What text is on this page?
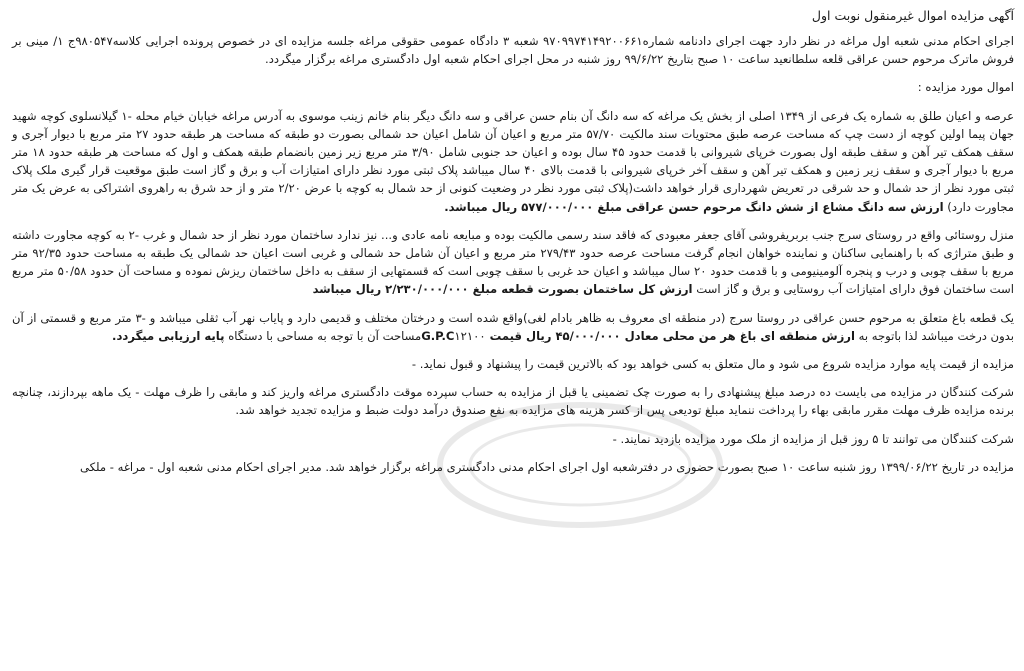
آگهی مزایده اموال غیرمنقول نوبت اول

اجرای احکام مدنی شعبه اول مراغه در نظر دارد جهت اجرای دادنامه شماره۹۷۰۹۹۷۴۱۴۹۲۰۰۶۶۱ شعبه ۳ دادگاه عمومی حقوقی مراغه جلسه مزایده ای در خصوص پرونده اجرایی کلاسه۹۸۰۵۴۷ج ۱/ مینی بر فروش ماترک مرحوم حسن عراقی قلعه سلطانعید ساعت ۱۰ صبح بتاریخ ۹۹/۶/۲۲ روز شنبه در محل اجرای احکام شعبه اول دادگستری مراغه برگزار میگردد.

اموال مورد مزایده :

عرصه و اعیان طلق به شماره یک فرعی از ۱۳۴۹ اصلی از بخش یک مراغه که سه دانگ آن بنام حسن عراقی و سه دانگ دیگر بنام خانم زینب موسوی به آدرس مراغه خیابان خیام محله -۱ گیلانسلوی کوچه شهید جهان پیما اولین کوچه از دست چپ که مساحت عرصه طبق محتویات سند مالکیت ۵۷/۷۰ متر مربع و اعیان آن شامل اعیان حد شمالی بصورت دو طبقه که مساحت هر طبقه حدود ۲۷ متر مربع با دیوار آجری و سقف همکف تیر آهن و سقف طبقه اول بصورت خرپای شیروانی با قدمت حدود ۴۵ سال بوده و اعیان حد جنوبی شامل ۳/۹۰ متر مربع زیر زمین بانضمام طبقه همکف و اول که مساحت هر طبقه حدود ۱۸ متر مربع با دیوار آجری و سقف زیر زمین و همکف تیر آهن و سقف آخر خرپای شیروانی با قدمت بالای ۴۰ سال میباشد پلاک ثبتی مورد نظر دارای امتیازات آب و برق و گاز است طبق موقعیت قرار گیری ملک پلاک ثبتی مورد نظر از حد شمال و حد شرقی در تعریض شهرداری قرار خواهد داشت(پلاک ثبتی مورد نظر در وضعیت کنونی از حد شمال به کوچه با عرض ۲/۲۰ متر و از حد شرق به راهروی اشتراکی به عرض یک متر مجاورت دارد) ارزش سه دانگ مشاع از شش دانگ مرحوم حسن عراقی مبلغ ۵۷۷/۰۰۰/۰۰۰ ریال میباشد.

منزل روستائی واقع در روستای سرج جنب بربریفروشی آقای جعفر معبودی که فاقد سند رسمی مالکیت بوده و مبایعه نامه عادی و... نیز ندارد ساختمان مورد نظر از حد شمال و غرب -۲ به کوچه مجاورت داشته و طبق متراژی که با راهنمایی ساکنان و نماینده خواهان انجام گرفت مساحت عرصه حدود ۲۷۹/۴۳ متر مربع و اعیان آن شامل حد شمالی و غربی است اعیان حد شمالی یک طبقه به مساحت حدود ۹۲/۳۵ متر مربع با سقف چوبی و درب و پنجره آلومینیومی و با قدمت حدود ۲۰ سال میباشد و اعیان حد غربی با سقف چوبی است که قسمتهایی از سقف به داخل ساختمان ریزش نموده و مساحت آن حدود ۵۰/۵۸ متر مربع است ساختمان فوق دارای امتیازات آب روستایی و برق و گاز است ارزش کل ساختمان بصورت قطعه مبلغ ۲/۲۳۰/۰۰۰/۰۰۰ ریال میباشد

یک قطعه باغ متعلق به مرحوم حسن عراقی در روستا سرج (در منطقه ای معروف به ظاهر بادام لغی)واقع شده است و درختان مختلف و قدیمی دارد و پایاب نهر آب ثقلی میباشد و -۳ متر مربع و قسمتی از آن بدون درخت میباشد لذا باتوجه به ارزش منطقه ای باغ هر من محلی معادل ۴۵/۰۰۰/۰۰۰ ریال قیمت G.P.C۱۲۱۰۰مساحت آن با توجه به مساحی با دستگاه پایه ارزیابی میگردد.

مزایده از قیمت پایه موارد مزایده شروع می شود و مال متعلق به کسی خواهد بود که بالاترین قیمت را پیشنهاد و قبول نماید. -

شرکت کنندگان در مزایده می بایست ده درصد مبلغ پیشنهادی را به صورت چک تضمینی یا قبل از مزایده به حساب سپرده موقت دادگستری مراغه واریز کند و مابقی را ظرف مهلت - یک ماهه بپردازند، چنانچه برنده مزایده ظرف مهلت مقرر مابقی بهاء را پرداخت ننماید مبلغ تودیعی پس از کسر هزینه های مزایده به نفع صندوق درآمد دولت ضبط و مزایده تجدید خواهد شد.

شرکت کنندگان می توانند تا ۵ روز قبل از مزایده از ملک مورد مزایده بازدید نمایند. -

مزایده در تاریخ ۱۳۹۹/۰۶/۲۲ روز شنبه ساعت ۱۰ صبح بصورت حضوری در دفترشعبه اول اجرای احکام مدنی دادگستری مراغه برگزار خواهد شد. مدیر اجرای احکام مدنی شعبه اول - مراغه - ملکی
